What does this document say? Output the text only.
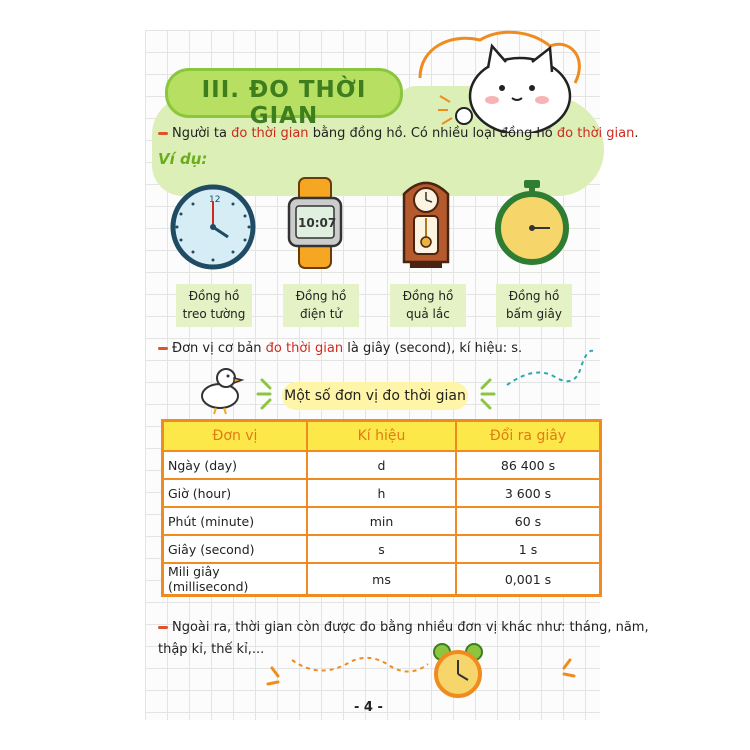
III. ĐO THỜI GIAN
Người ta đo thời gian bằng đồng hồ. Có nhiều loại đồng hồ đo thời gian.
Ví dụ:
12
10:07
Đồng hồ
treo tường
Đồng hồ
điện tử
Đồng hồ
quả lắc
Đồng hồ
bấm giây
Đơn vị cơ bản đo thời gian là giây (second), kí hiệu: s.
Một số đơn vị đo thời gian
Đơn vị	Kí hiệu	Đổi ra giây
Ngày (day)	d	86 400 s
Giờ (hour)	h	3 600 s
Phút (minute)	min	60 s
Giây (second)	s	1 s
Mili giây (millisecond)	ms	0,001 s
Ngoài ra, thời gian còn được đo bằng nhiều đơn vị khác như: tháng, năm,
thập kỉ, thế kỉ,...
- 4 -
